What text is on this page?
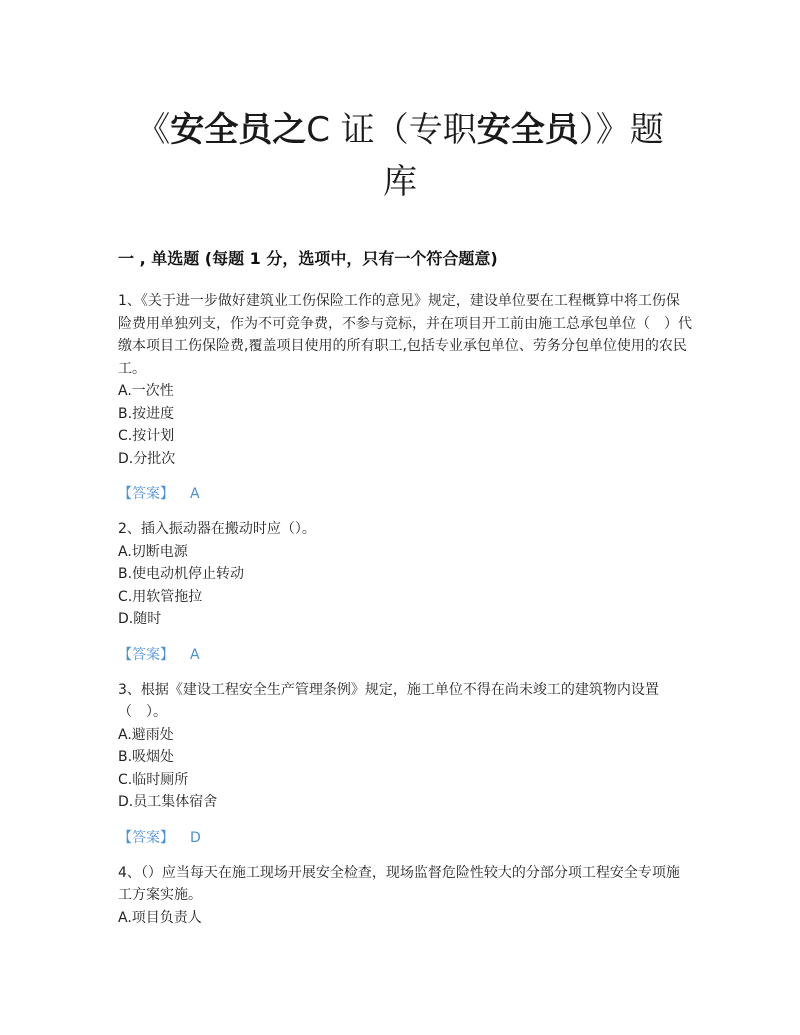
《安全员之C 证（专职安全员）》题
库
一 , 单选题 (每题 1 分，选项中，只有一个符合题意)

1、《关于进一步做好建筑业工伤保险工作的意见》规定，建设单位要在工程概算中将工伤保险费用单独列支，作为不可竞争费，不参与竞标，并在项目开工前由施工总承包单位（　）代缴本项目工伤保险费,覆盖项目使用的所有职工,包括专业承包单位、劳务分包单位使用的农民工。

A.一次性

B.按进度

C.按计划

D.分批次

【答案】 A

2、插入振动器在搬动时应（）。

A.切断电源

B.使电动机停止转动

C.用软管拖拉

D.随时

【答案】 A

3、根据《建设工程安全生产管理条例》规定，施工单位不得在尚未竣工的建筑物内设置（　）。

A.避雨处

B.吸烟处

C.临时厕所

D.员工集体宿舍

【答案】 D

4、（）应当每天在施工现场开展安全检查，现场监督危险性较大的分部分项工程安全专项施工方案实施。

A.项目负责人
